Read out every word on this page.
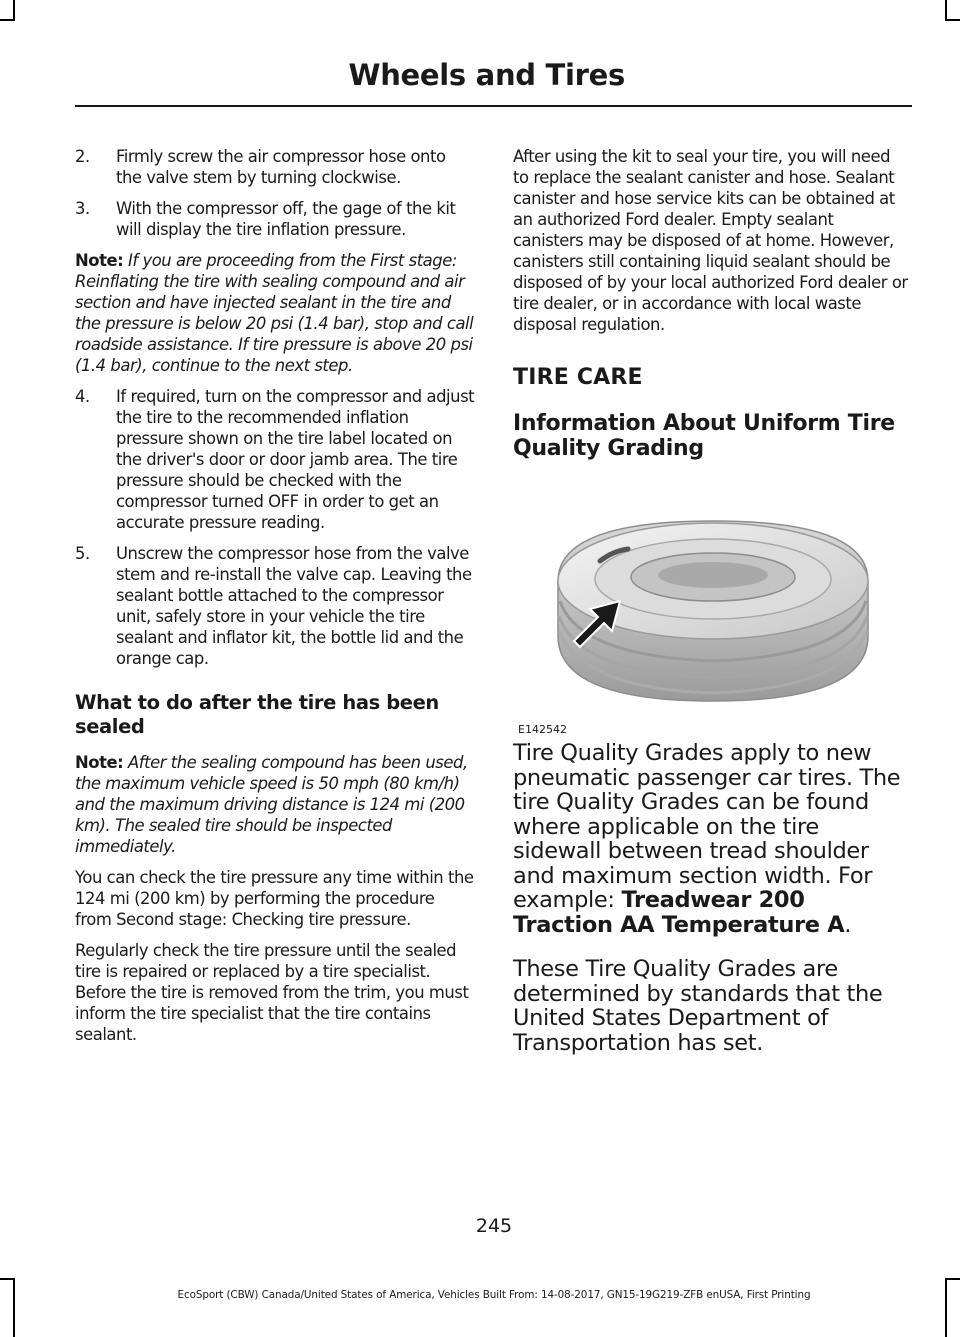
Wheels and Tires
2.	Firmly screw the air compressor hose onto the valve stem by turning clockwise.
3.	With the compressor off, the gage of the kit will display the tire inflation pressure.

Note: If you are proceeding from the First stage: Reinflating the tire with sealing compound and air section and have injected sealant in the tire and the pressure is below 20 psi (1.4 bar), stop and call roadside assistance. If tire pressure is above 20 psi (1.4 bar), continue to the next step.

4.	If required, turn on the compressor and adjust the tire to the recommended inflation pressure shown on the tire label located on the driver's door or door jamb area. The tire pressure should be checked with the compressor turned OFF in order to get an accurate pressure reading.
5.	Unscrew the compressor hose from the valve stem and re-install the valve cap. Leaving the sealant bottle attached to the compressor unit, safely store in your vehicle the tire sealant and inflator kit, the bottle lid and the orange cap.
What to do after the tire has been sealed

Note: After the sealing compound has been used, the maximum vehicle speed is 50 mph (80 km/h) and the maximum driving distance is 124 mi (200 km). The sealed tire should be inspected immediately.

You can check the tire pressure any time within the 124 mi (200 km) by performing the procedure from Second stage: Checking tire pressure.

Regularly check the tire pressure until the sealed tire is repaired or replaced by a tire specialist. Before the tire is removed from the trim, you must inform the tire specialist that the tire contains sealant.

After using the kit to seal your tire, you will need to replace the sealant canister and hose. Sealant canister and hose service kits can be obtained at an authorized Ford dealer. Empty sealant canisters may be disposed of at home. However, canisters still containing liquid sealant should be disposed of by your local authorized Ford dealer or tire dealer, or in accordance with local waste disposal regulation.

TIRE CARE
Information About Uniform Tire Quality Grading
E142542

Tire Quality Grades apply to new pneumatic passenger car tires. The tire Quality Grades can be found where applicable on the tire sidewall between tread shoulder and maximum section width. For example: Treadwear 200 Traction AA Temperature A.

These Tire Quality Grades are determined by standards that the United States Department of Transportation has set.

245
EcoSport (CBW) Canada/United States of America, Vehicles Built From: 14-08-2017, GN15-19G219-ZFB enUSA, First Printing
